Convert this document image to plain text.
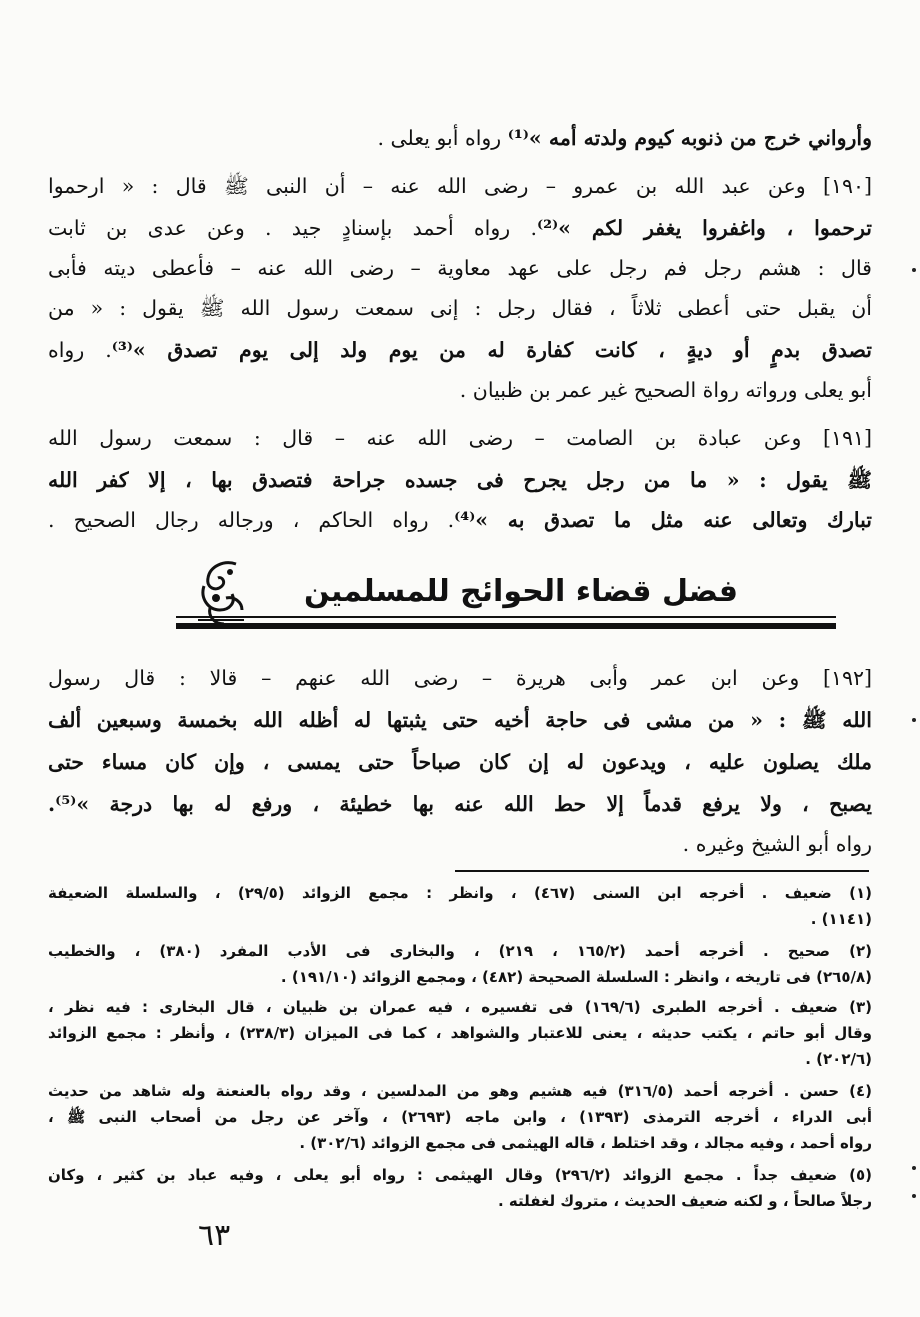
وأرواني خرج من ذنوبه كيوم ولدته أمه »⁽¹⁾ رواه أبو يعلى .
[١٩٠] وعن عبد الله بن عمرو – رضى الله عنه – أن النبى ﷺ قال : « ارحموا
ترحموا ، واغفروا يغفر لكم »⁽²⁾. رواه أحمد بإسنادٍ جيد . وعن عدى بن ثابت
قال : هشم رجل فم رجل على عهد معاوية – رضى الله عنه – فأعطى ديته فأبى
أن يقبل حتى أعطى ثلاثاً ، فقال رجل : إنى سمعت رسول الله ﷺ يقول : « من
تصدق بدمٍ أو ديةٍ ، كانت كفارة له من يوم ولد إلى يوم تصدق »⁽³⁾. رواه
أبو يعلى ورواته رواة الصحيح غير عمر بن ظبيان .
[١٩١] وعن عبادة بن الصامت – رضى الله عنه – قال : سمعت رسول الله
ﷺ يقول : « ما من رجل يجرح فى جسده جراحة فتصدق بها ، إلا كفر الله
تبارك وتعالى عنه مثل ما تصدق به »⁽⁴⁾. رواه الحاكم ، ورجاله رجال الصحيح .
فضل قضاء الحوائج للمسلمين
[١٩٢] وعن ابن عمر وأبى هريرة – رضى الله عنهم – قالا : قال رسول
الله ﷺ : « من مشى فى حاجة أخيه حتى يثبتها له أظله الله بخمسة وسبعين ألف
ملك يصلون عليه ، ويدعون له إن كان صباحاً حتى يمسى ، وإن كان مساء حتى
يصبح ، ولا يرفع قدماً إلا حط الله عنه بها خطيئة ، ورفع له بها درجة »⁽⁵⁾.
رواه أبو الشيخ وغيره .
(١) ضعيف . أخرجه ابن السنى (٤٦٧) ، وانظر : مجمع الزوائد (٢٩/٥) ، والسلسلة الضعيفة
(١١٤١) .
(٢) صحيح . أخرجه أحمد (١٦٥/٢ ، ٢١٩) ، والبخارى فى الأدب المفرد (٣٨٠) ، والخطيب
(٢٦٥/٨) فى تاريخه ، وانظر : السلسلة الصحيحة (٤٨٢) ، ومجمع الزوائد (١٩١/١٠) .
(٣) ضعيف . أخرجه الطبرى (١٦٩/٦) فى تفسيره ، فيه عمران بن ظبيان ، قال البخارى : فيه نظر ،
وقال أبو حاتم ، يكتب حديثه ، يعنى للاعتبار والشواهد ، كما فى الميزان (٢٣٨/٣) ، وأنظر : مجمع الزوائد
(٢٠٢/٦) .
(٤) حسن . أخرجه أحمد (٣١٦/٥) فيه هشيم وهو من المدلسين ، وقد رواه بالعنعنة وله شاهد من حديث
أبى الدراء ، أخرجه الترمذى (١٣٩٣) ، وابن ماجه (٢٦٩٣) ، وآخر عن رجل من أصحاب النبى ﷺ ،
رواه أحمد ، وفيه مجالد ، وقد اختلط ، قاله الهيثمى فى مجمع الزوائد (٣٠٢/٦) .
(٥) ضعيف جداً . مجمع الزوائد (٢٩٦/٢) وقال الهيثمى : رواه أبو يعلى ، وفيه عباد بن كثير ، وكان
رجلاً صالحاً ، و لكنه ضعيف الحديث ، متروك لغفلته .
٦٣
